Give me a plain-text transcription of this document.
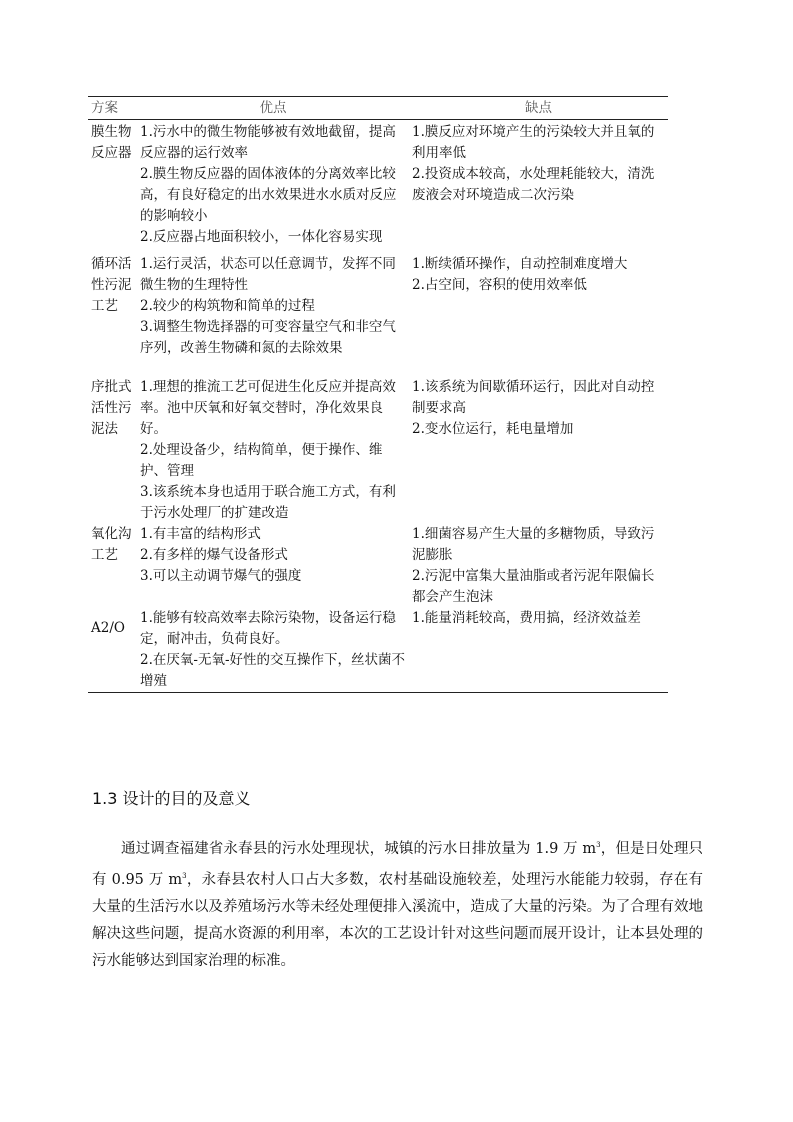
方案	优点	缺点
膜生物反应器	1.污水中的微生物能够被有效地截留，提高反应器的运行效率
2.膜生物反应器的固体液体的分离效率比较高，有良好稳定的出水效果进水水质对反应的影响较小
2.反应器占地面积较小，一体化容易实现	1.膜反应对环境产生的污染较大并且氧的利用率低
2.投资成本较高，水处理耗能较大，清洗废液会对环境造成二次污染

循环活性污泥工艺	1.运行灵活，状态可以任意调节，发挥不同微生物的生理特性
2.较少的构筑物和简单的过程
3.调整生物选择器的可变容量空气和非空气序列，改善生物磷和氮的去除效果	1.断续循环操作，自动控制难度增大
2.占空间，容积的使用效率低

序批式活性污泥法	1.理想的推流工艺可促进生化反应并提高效率。池中厌氧和好氧交替时，净化效果良好。
2.处理设备少，结构简单，便于操作、维护、管理
3.该系统本身也适用于联合施工方式，有利于污水处理厂的扩建改造	1.该系统为间歇循环运行，因此对自动控制要求高
2.变水位运行，耗电量增加

氧化沟工艺	1.有丰富的结构形式
2.有多样的爆气设备形式
3.可以主动调节爆气的强度	1.细菌容易产生大量的多糖物质，导致污泥膨胀
2.污泥中富集大量油脂或者污泥年限偏长都会产生泡沫

A2/O	1.能够有较高效率去除污染物，设备运行稳定，耐冲击，负荷良好。
2.在厌氧-无氧-好性的交互操作下，丝状菌不增殖	1.能量消耗较高，费用搞，经济效益差
1.3 设计的目的及意义

通过调查福建省永春县的污水处理现状，城镇的污水日排放量为 1.9 万 $m^3$，但是日处理只有 0.95 万 $m^3$，永春县农村人口占大多数，农村基础设施较差，处理污水能能力较弱，存在有大量的生活污水以及养殖场污水等未经处理便排入溪流中，造成了大量的污染。为了合理有效地解决这些问题，提高水资源的利用率，本次的工艺设计针对这些问题而展开设计，让本县处理的污水能够达到国家治理的标准。
